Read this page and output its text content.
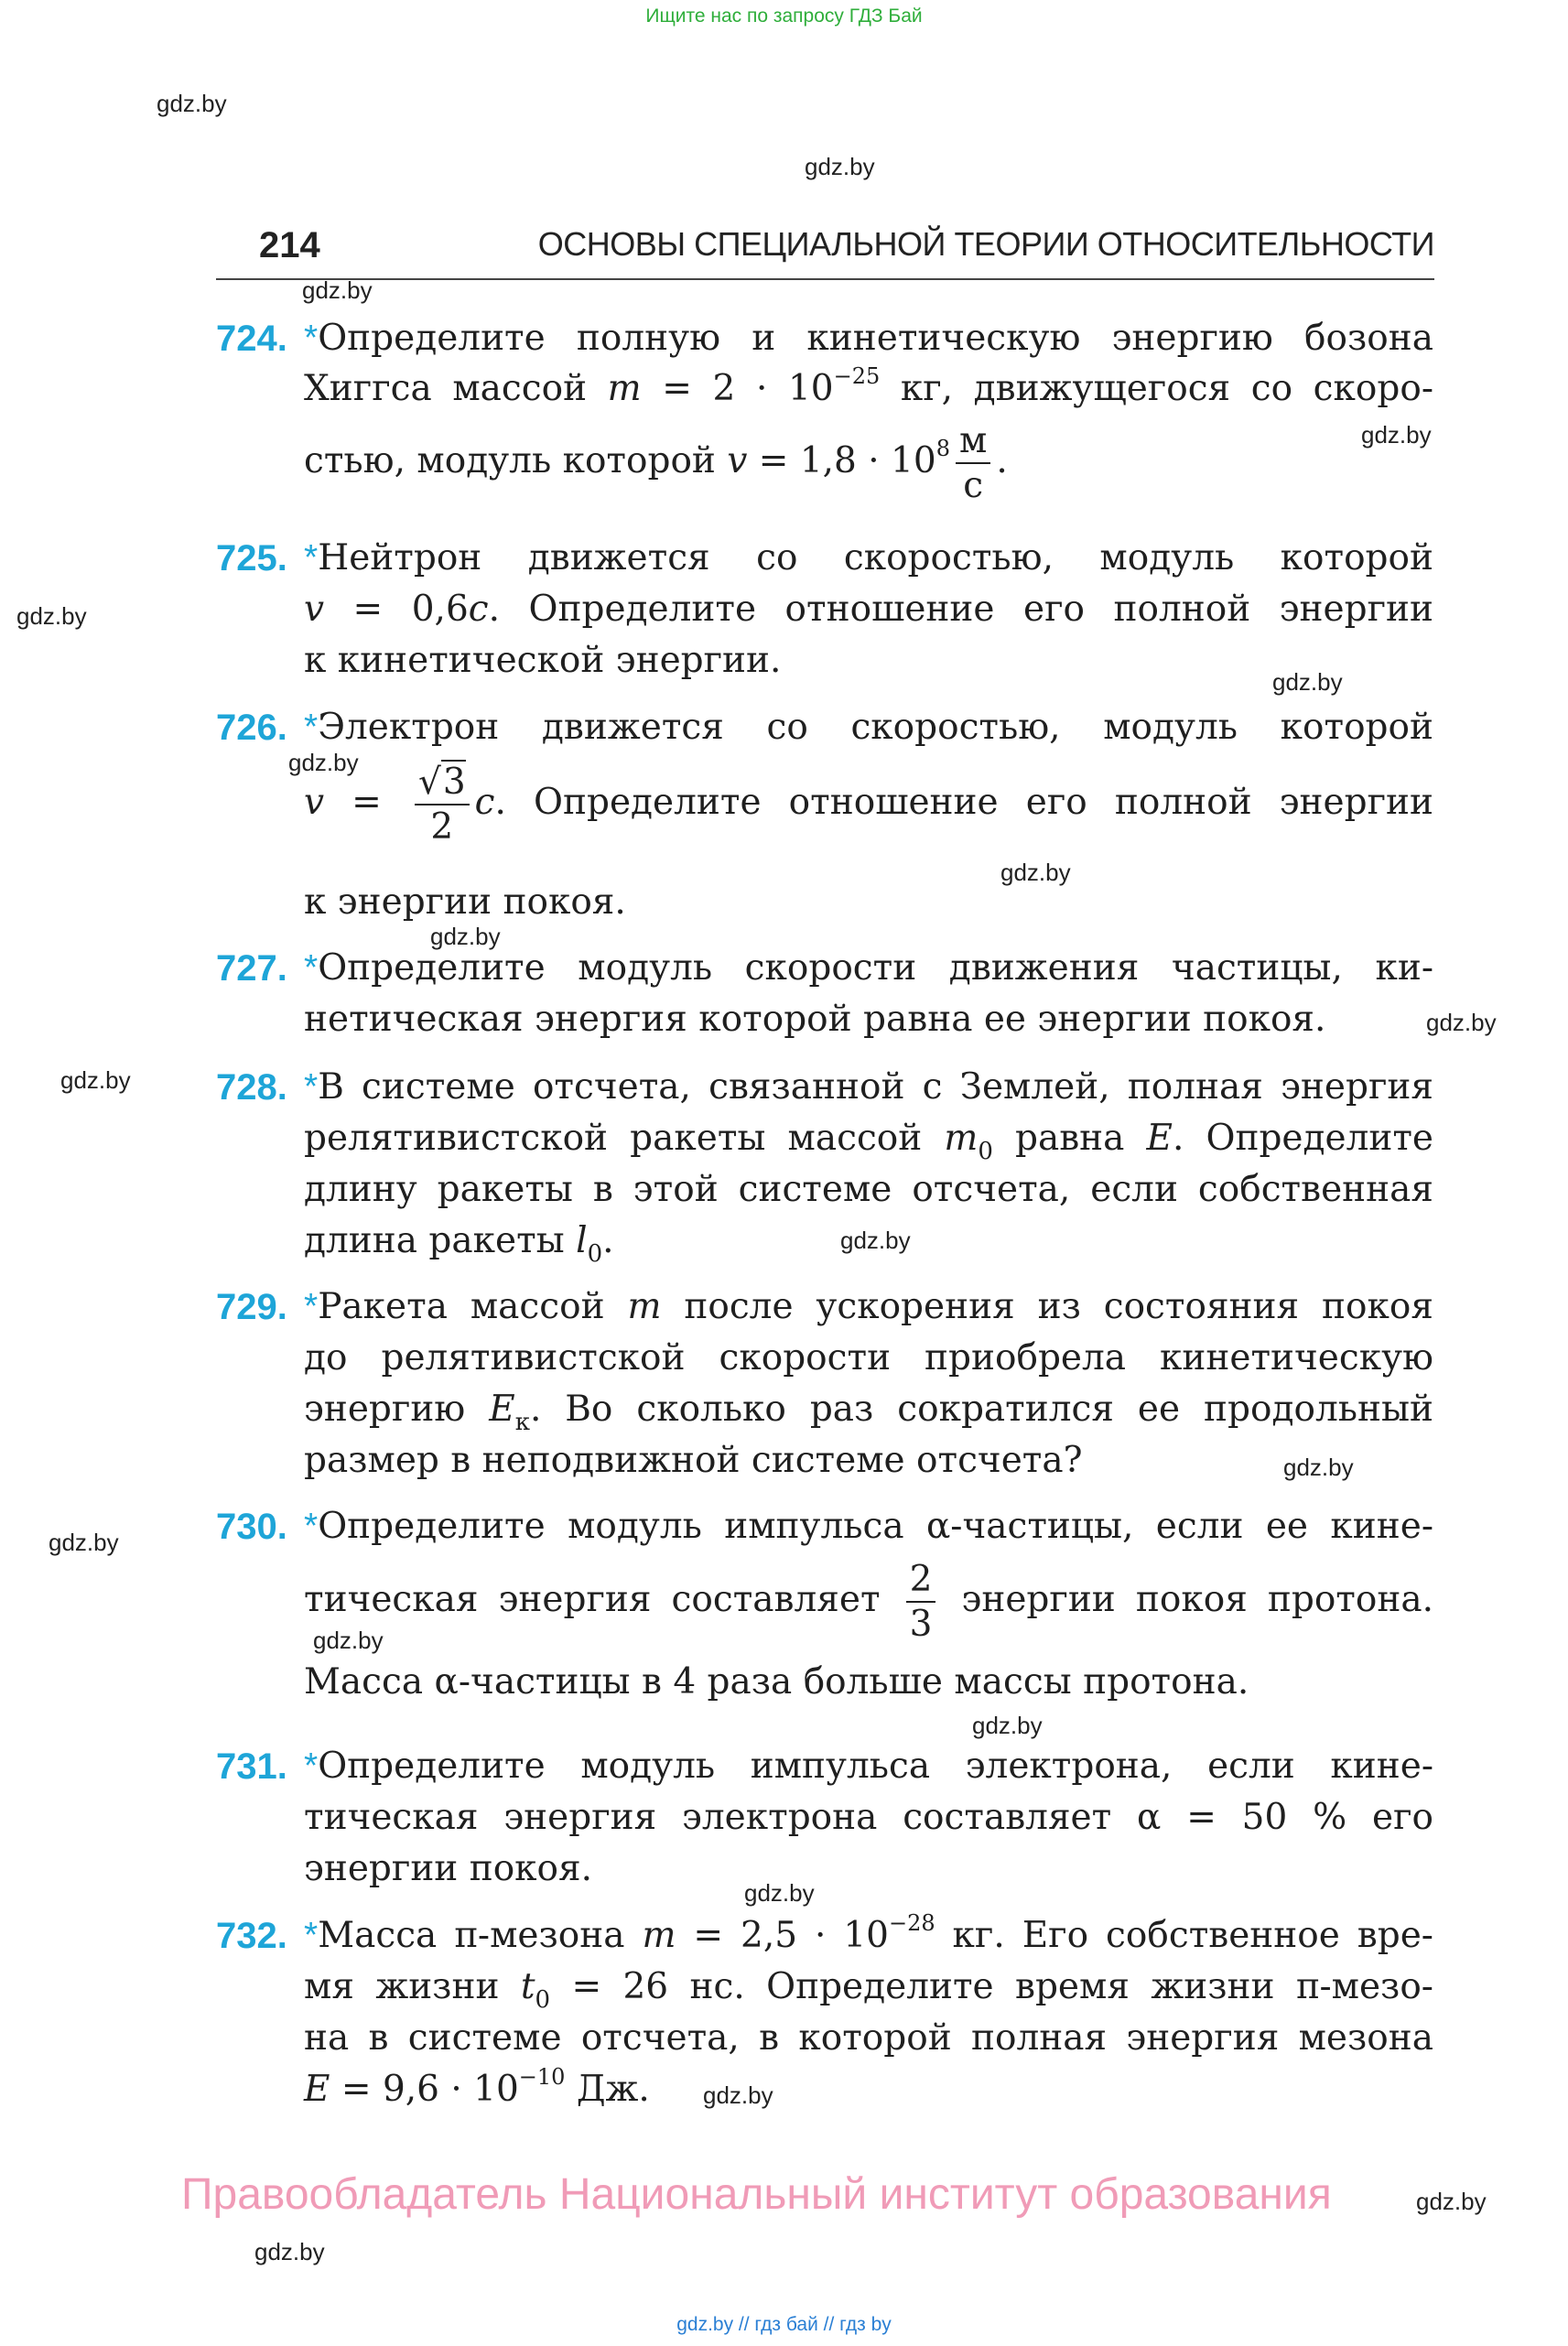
Ищите нас по запросу ГДЗ Бай
gdz.by
gdz.by
gdz.by
gdz.by
gdz.by
gdz.by
gdz.by
gdz.by
gdz.by
gdz.by
gdz.by
gdz.by
gdz.by
gdz.by
gdz.by
gdz.by
gdz.by
gdz.by
gdz.by
gdz.by
214	ОСНОВЫ СПЕЦИАЛЬНОЙ ТЕОРИИ ОТНОСИТЕЛЬНОСТИ
724. *Определите полную и кинетическую энергию бозона
Хиггса массой $m = 2 \cdot 10^{-25}$ кг, движущегося со скоро-
стью, модуль которой $v = 1,8 \cdot 10^8 \frac{м}{с}$ .
725. *Нейтрон движется со скоростью, модуль которой
v = 0,6c. Определите отношение его полной энергии
к кинетической энергии.
726. *Электрон движется со скоростью, модуль которой
$v = \frac{√3}{2} c$. Определите отношение его полной энергии
к энергии покоя.
727. *Определите модуль скорости движения частицы, ки-
нетическая энергия которой равна ее энергии покоя.
728. *В системе отсчета, связанной с Землей, полная энергия
релятивистской ракеты массой $m_0$ равна E. Определите
длину ракеты в этой системе отсчета, если собственная
длина ракеты $l_0$.
729. *Ракета массой m после ускорения из состояния покоя
до релятивистской скорости приобрела кинетическую
энергию $E_к$. Во сколько раз сократился ее продольный
размер в неподвижной системе отсчета?
730. *Определите модуль импульса α-частицы, если ее кине-
тическая энергия составляет $\frac{2}{3}$ энергии покоя протона.
Масса α-частицы в 4 раза больше массы протона.
731. *Определите модуль импульса электрона, если кине-
тическая энергия электрона составляет α = 50 % его
энергии покоя.
732. *Масса π-мезона $m = 2,5 \cdot 10^{-28}$ кг. Его собственное вре-
мя жизни $t_0 = 26$ нс. Определите время жизни π-мезо-
на в системе отсчета, в которой полная энергия мезона
$E = 9,6 \cdot 10^{-10}$ Дж.
Правообладатель Национальный институт образования
gdz.by // гдз бай // гдз by
